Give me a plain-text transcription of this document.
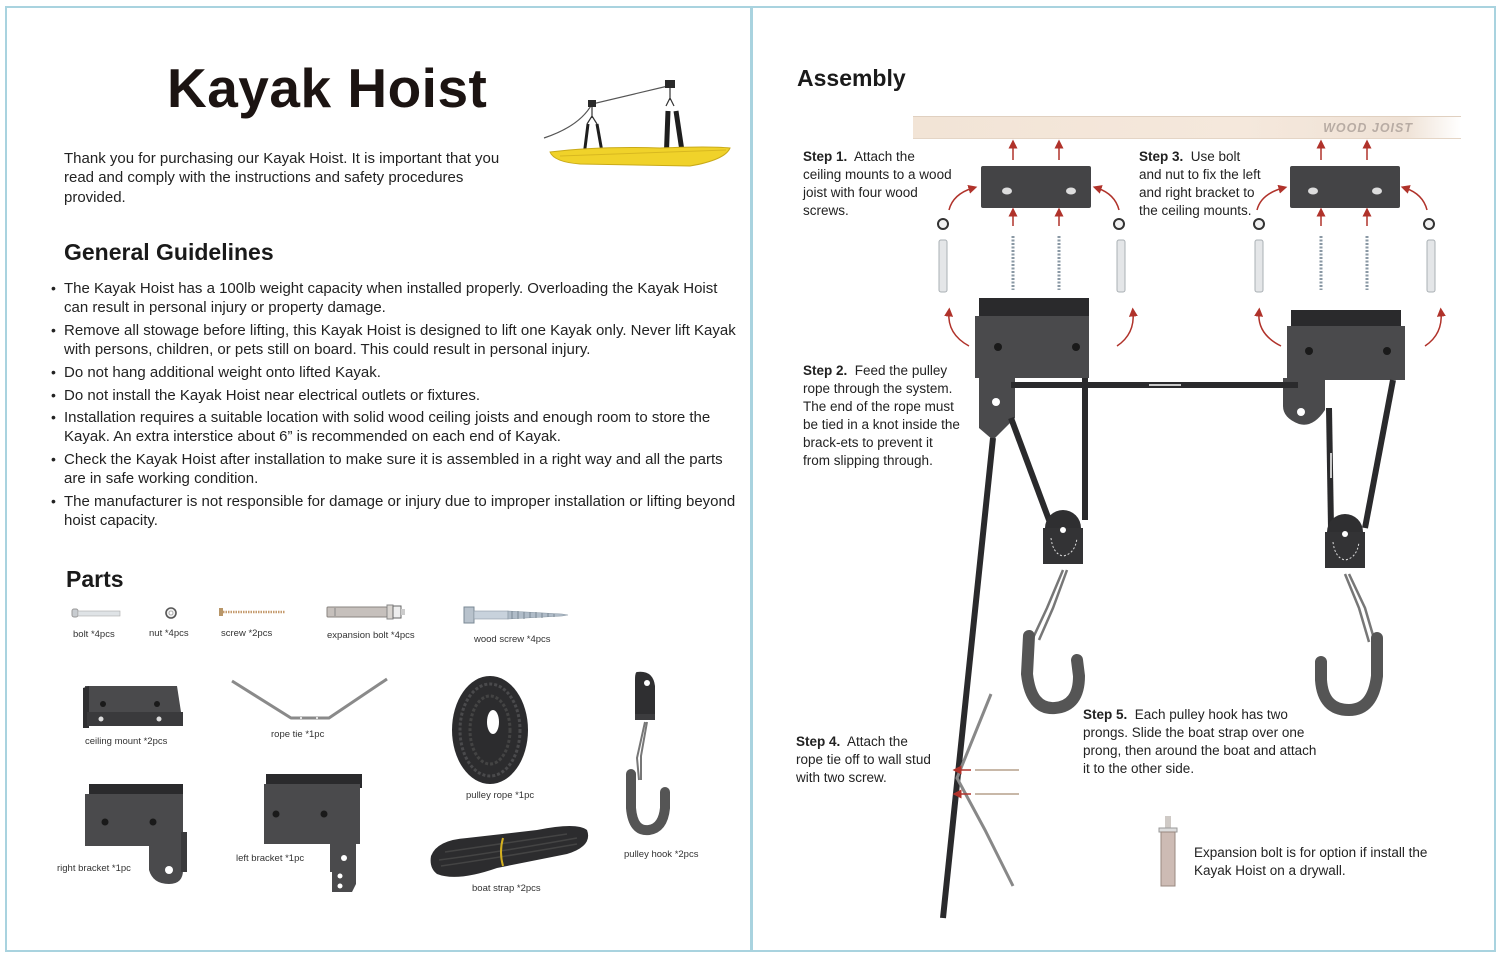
Kayak Hoist
Thank you for purchasing our Kayak Hoist. It is important that you read and comply with the instructions and safety procedures provided.
General Guidelines
• The Kayak Hoist has a 100lb weight capacity when installed properly. Overloading the Kayak Hoist can result in personal injury or property damage.
• Remove all stowage before lifting, this Kayak Hoist is designed to lift one Kayak only. Never lift Kayak with persons, children, or pets still on board. This could result in personal injury.
• Do not hang additional weight onto lifted Kayak.
• Do not install the Kayak Hoist near electrical outlets or fixtures.
• Installation requires a suitable location with solid wood ceiling joists and enough room to store the Kayak. An extra interstice about 6” is recommended on each end of Kayak.
• Check the Kayak Hoist after installation to make sure it is assembled in a right way and all the parts are in safe working condition.
• The manufacturer is not responsible for damage or injury due to improper installation or lifting beyond hoist capacity.
Parts
bolt *4pcs	nut *4pcs	screw *2pcs	expansion bolt *4pcs	wood screw *4pcs
ceiling mount *2pcs
rope tie *1pc
pulley rope *1pc
pulley hook *2pcs
right bracket *1pc
left bracket *1pc
boat strap *2pcs
Assembly
WOOD JOIST
Step 1. Attach the ceiling mounts to a wood joist with four wood screws.
Step 3. Use bolt and nut to fix the left and right bracket to the ceiling mounts.
Step 2. Feed the pulley rope through the system. The end of the rope must be tied in a knot inside the brack-ets to prevent it from slipping through.
Step 4. Attach the rope tie off to wall stud with two screw.
Step 5. Each pulley hook has two prongs. Slide the boat strap over one prong, then around the boat and attach it to the other side.
Expansion bolt is for option if install the Kayak Hoist on a drywall.
